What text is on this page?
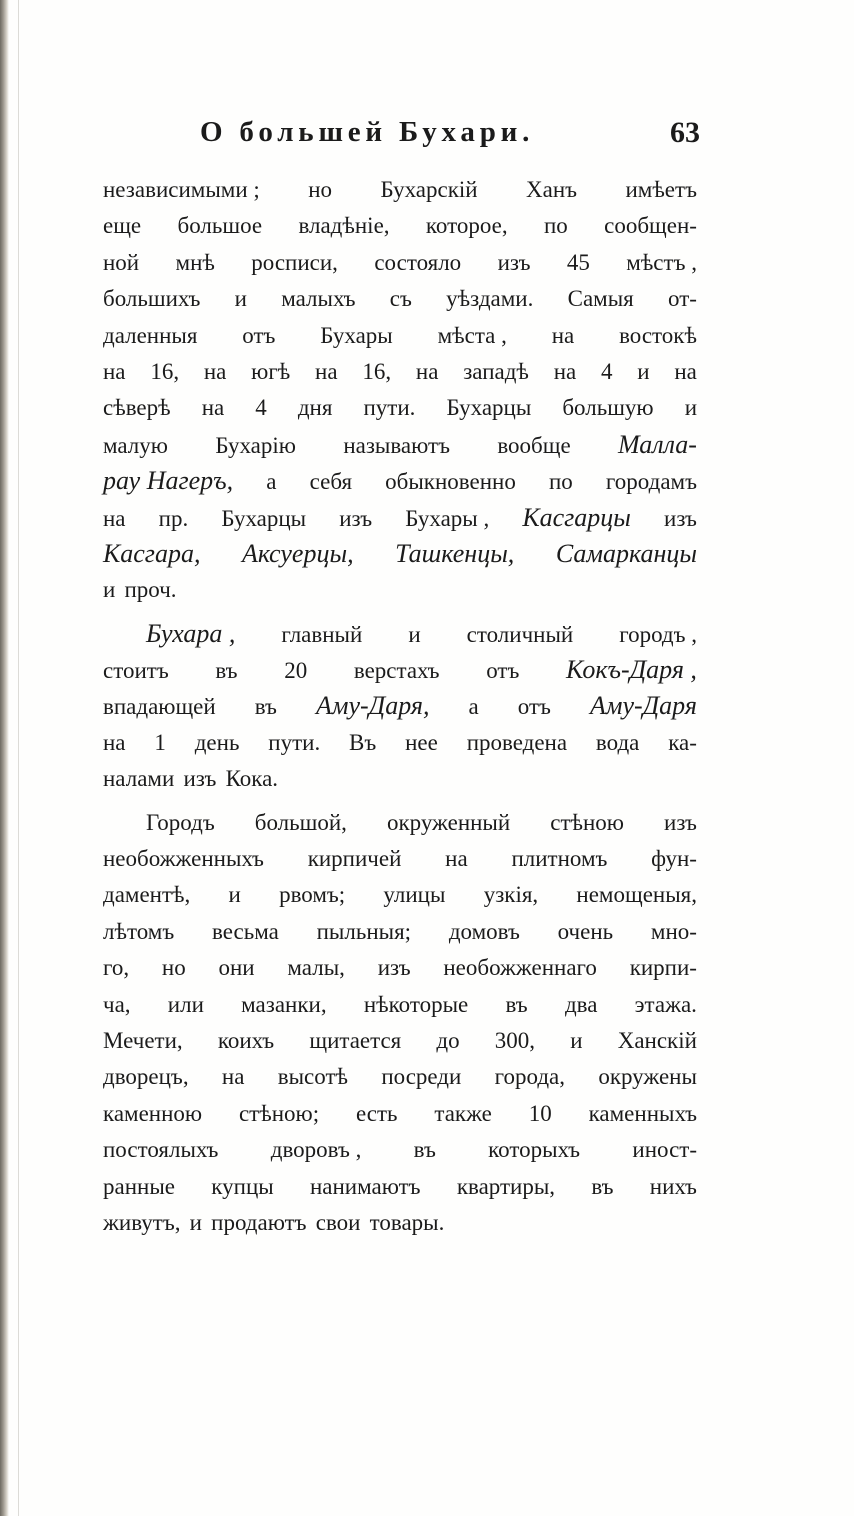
О большей Бухари.	63
независимыми ; но Бухарскій Ханъ имѣетъ
еще большое владѣніе, которое, по сообщен-
ной мнѣ росписи, состояло изъ 45 мѣстъ ,
большихъ и малыхъ съ уѣздами. Самыя от-
даленныя отъ Бухары мѣста , на востокѣ
на 16, на югѣ на 16, на западѣ на 4 и на
сѣверѣ на 4 дня пути. Бухарцы большую и
малую Бухарію называютъ вообще Малла-
рау Нагеръ, а себя обыкновенно по городамъ
на пр. Бухарцы изъ Бухары , Касгарцы изъ
Касгара, Аксуерцы, Ташкенцы, Самарканцы
и проч.
Бухара , главный и столичный городъ ,
стоитъ въ 20 верстахъ отъ Кокъ-Даря ,
впадающей въ Аму-Даря, а отъ Аму-Даря
на 1 день пути. Въ нее проведена вода ка-
налами изъ Кока.
Городъ большой, окруженный стѣною изъ
необожженныхъ кирпичей на плитномъ фун-
даментѣ, и рвомъ; улицы узкія, немощеныя,
лѣтомъ весьма пыльныя; домовъ очень мно-
го, но они малы, изъ необожженнаго кирпи-
ча, или мазанки, нѣкоторые въ два этажа.
Мечети, коихъ щитается до 300, и Ханскій
дворецъ, на высотѣ посреди города, окружены
каменною стѣною; есть также 10 каменныхъ
постоялыхъ дворовъ , въ которыхъ иност-
ранные купцы нанимаютъ квартиры, въ нихъ
живутъ, и продаютъ свои товары.
